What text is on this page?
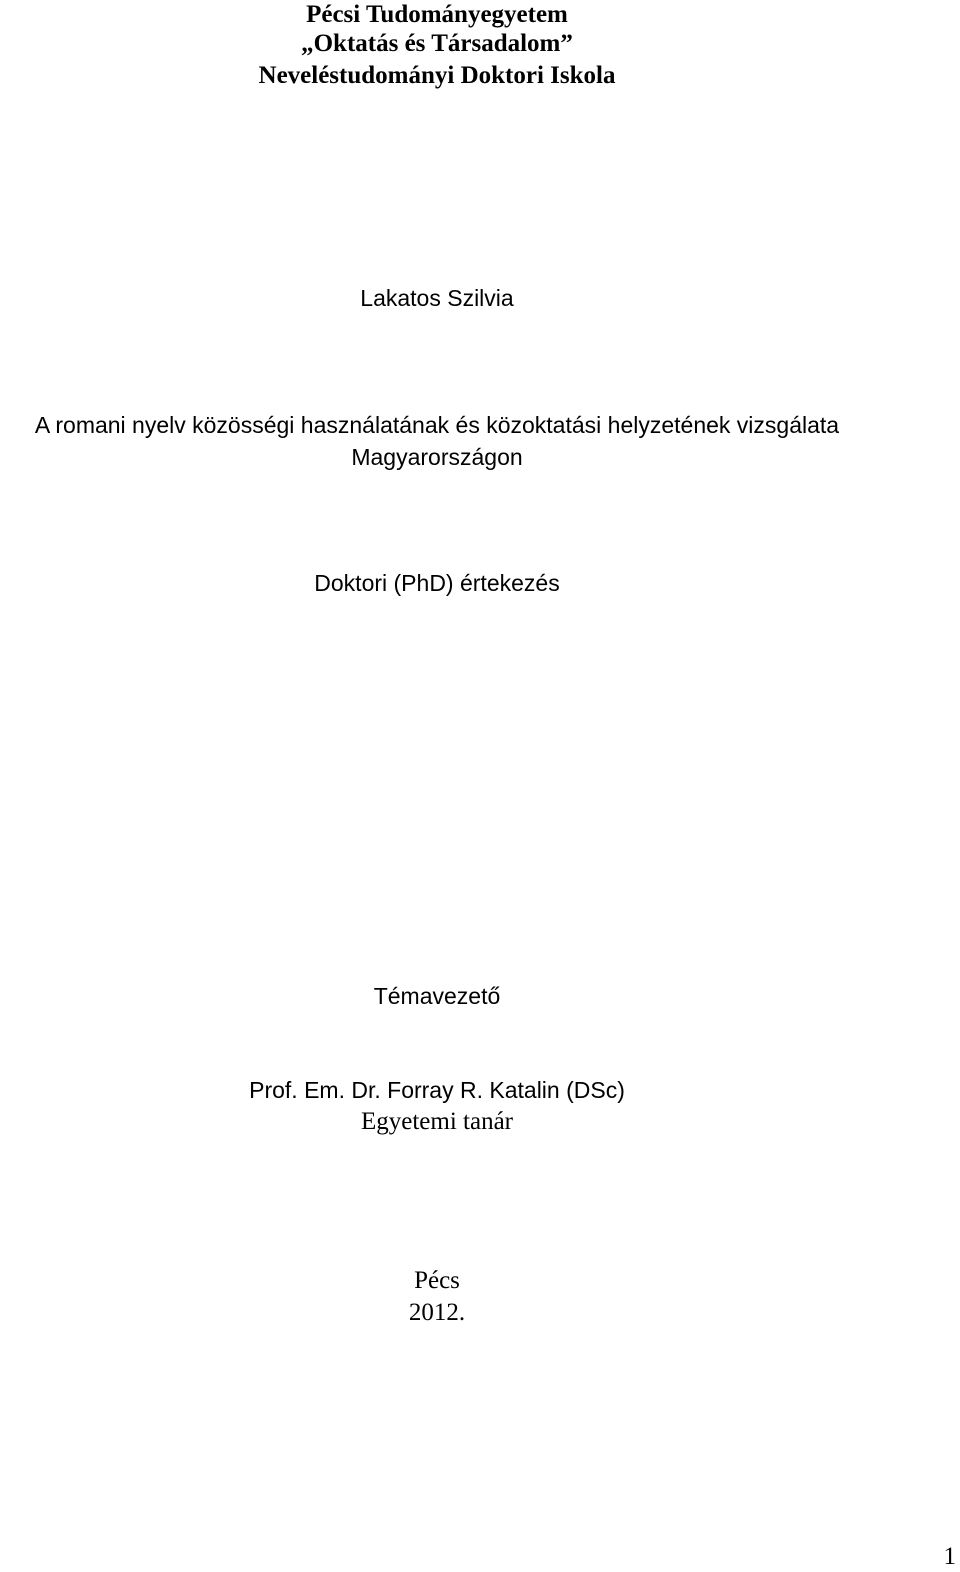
Pécsi Tudományegyetem
„Oktatás és Társadalom”
Neveléstudományi Doktori Iskola
Lakatos Szilvia
A romani nyelv közösségi használatának és közoktatási helyzetének vizsgálata
Magyarországon
Doktori (PhD) értekezés
Témavezető
Prof. Em. Dr. Forray R. Katalin (DSc)
Egyetemi tanár
Pécs
2012.
1
